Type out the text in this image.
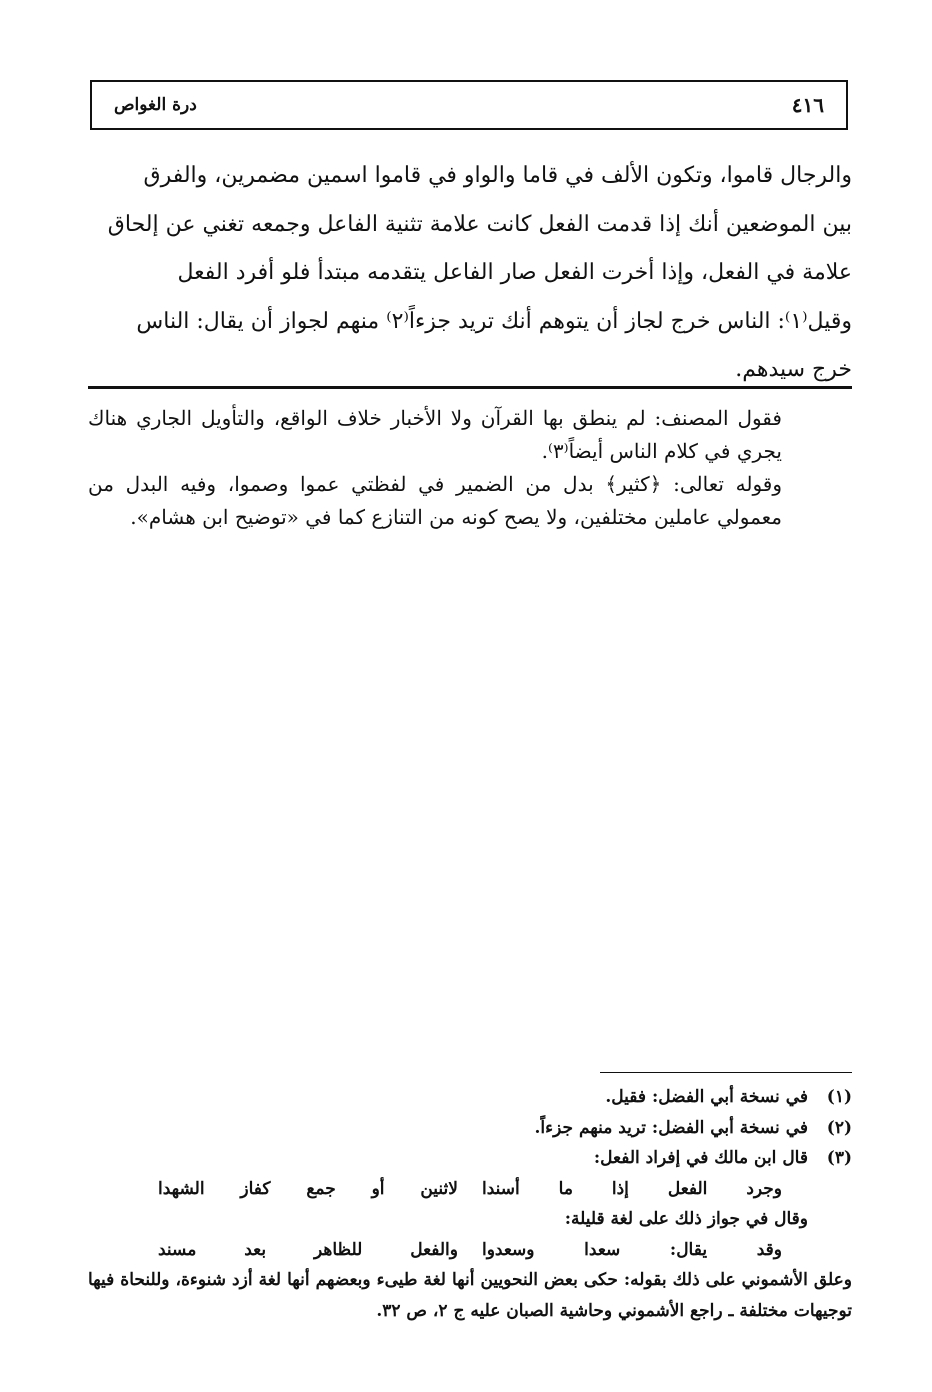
٤١٦
درة الغواص

والرجال قاموا، وتكون الألف في قاما والواو في قاموا اسمين مضمرين، والفرق

بين الموضعين أنك إذا قدمت الفعل كانت علامة تثنية الفاعل وجمعه تغني عن إلحاق

علامة في الفعل، وإذا أخرت الفعل صار الفاعل يتقدمه مبتدأ فلو أفرد الفعل

وقيل⁽١⁾: الناس خرج لجاز أن يتوهم أنك تريد جزءاً⁽٢⁾ منهم لجواز أن يقال: الناس

خرج سيدهم.

فقول المصنف: لم ينطق بها القرآن ولا الأخبار خلاف الواقع، والتأويل الجاري هناك يجري في كلام الناس أيضاً⁽٣⁾.

وقوله تعالى: ﴿كثير﴾ بدل من الضمير في لفظتي عموا وصموا، وفيه البدل من معمولي عاملين مختلفين، ولا يصح كونه من التنازع كما في «توضيح ابن هشام».

(١)
في نسخة أبي الفضل: فقيل.
(٢)
في نسخة أبي الفضل: تريد منهم جزءاً.
(٣)
قال ابن مالك في إفراد الفعل:
وجرد الفعل إذا ما أسندا
لاثنين أو جمع كفاز الشهدا
وقال في جواز ذلك على لغة قليلة:
وقد يقال: سعدا وسعدوا
والفعل للظاهر بعد مسند
وعلق الأشموني على ذلك بقوله: حكى بعض النحويين أنها لغة طيىء وبعضهم أنها لغة أزد شنوءة، وللنحاة فيها توجيهات مختلفة ـ راجع الأشموني وحاشية الصبان عليه ج ٢، ص ٣٢.
